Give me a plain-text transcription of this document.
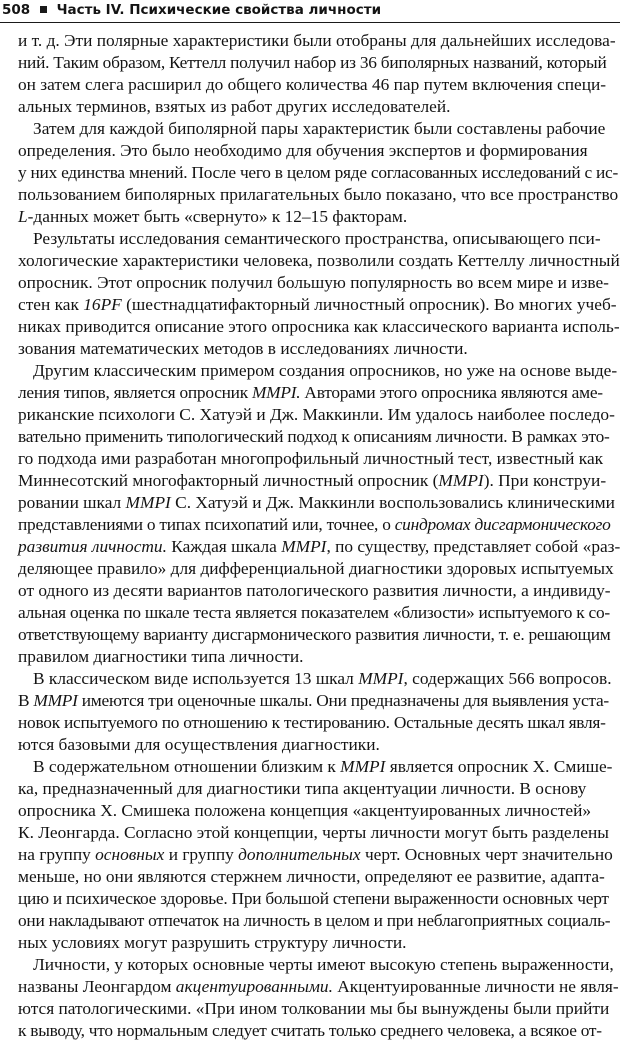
508 Часть IV. Психические свойства личности
и т. д. Эти полярные характеристики были отобраны для дальнейших исследова-
ний. Таким образом, Кеттелл получил набор из 36 биполярных названий, который
он затем слега расширил до общего количества 46 пар путем включения специ-
альных терминов, взятых из работ других исследователей.
Затем для каждой биполярной пары характеристик были составлены рабочие
определения. Это было необходимо для обучения экспертов и формирования
у них единства мнений. После чего в целом ряде согласованных исследований с ис-
пользованием биполярных прилагательных было показано, что все пространство
L-данных может быть «свернуто» к 12–15 факторам.
Результаты исследования семантического пространства, описывающего пси-
хологические характеристики человека, позволили создать Кеттеллу личностный
опросник. Этот опросник получил большую популярность во всем мире и изве-
стен как 16PF (шестнадцатифакторный личностный опросник). Во многих учеб-
никах приводится описание этого опросника как классического варианта исполь-
зования математических методов в исследованиях личности.
Другим классическим примером создания опросников, но уже на основе выде-
ления типов, является опросник MMPI. Авторами этого опросника являются аме-
риканские психологи С. Хатуэй и Дж. Маккинли. Им удалось наиболее последо-
вательно применить типологический подход к описаниям личности. В рамках это-
го подхода ими разработан многопрофильный личностный тест, известный как
Миннесотский многофакторный личностный опросник (MMPI). При конструи-
ровании шкал MMPI С. Хатуэй и Дж. Маккинли воспользовались клиническими
представлениями о типах психопатий или, точнее, о синдромах дисгармонического
развития личности. Каждая шкала MMPI, по существу, представляет собой «раз-
деляющее правило» для дифференциальной диагностики здоровых испытуемых
от одного из десяти вариантов патологического развития личности, а индивиду-
альная оценка по шкале теста является показателем «близости» испытуемого к со-
ответствующему варианту дисгармонического развития личности, т. е. решающим
правилом диагностики типа личности.
В классическом виде используется 13 шкал MMPI, содержащих 566 вопросов.
В MMPI имеются три оценочные шкалы. Они предназначены для выявления уста-
новок испытуемого по отношению к тестированию. Остальные десять шкал явля-
ются базовыми для осуществления диагностики.
В содержательном отношении близким к MMPI является опросник Х. Смише-
ка, предназначенный для диагностики типа акцентуации личности. В основу
опросника Х. Смишека положена концепция «акцентуированных личностей»
К. Леонгарда. Согласно этой концепции, черты личности могут быть разделены
на группу основных и группу дополнительных черт. Основных черт значительно
меньше, но они являются стержнем личности, определяют ее развитие, адапта-
цию и психическое здоровье. При большой степени выраженности основных черт
они накладывают отпечаток на личность в целом и при неблагоприятных социаль-
ных условиях могут разрушить структуру личности.
Личности, у которых основные черты имеют высокую степень выраженности,
названы Леонгардом акцентуированными. Акцентуированные личности не явля-
ются патологическими. «При ином толковании мы бы вынуждены были прийти
к выводу, что нормальным следует считать только среднего человека, а всякое от-
